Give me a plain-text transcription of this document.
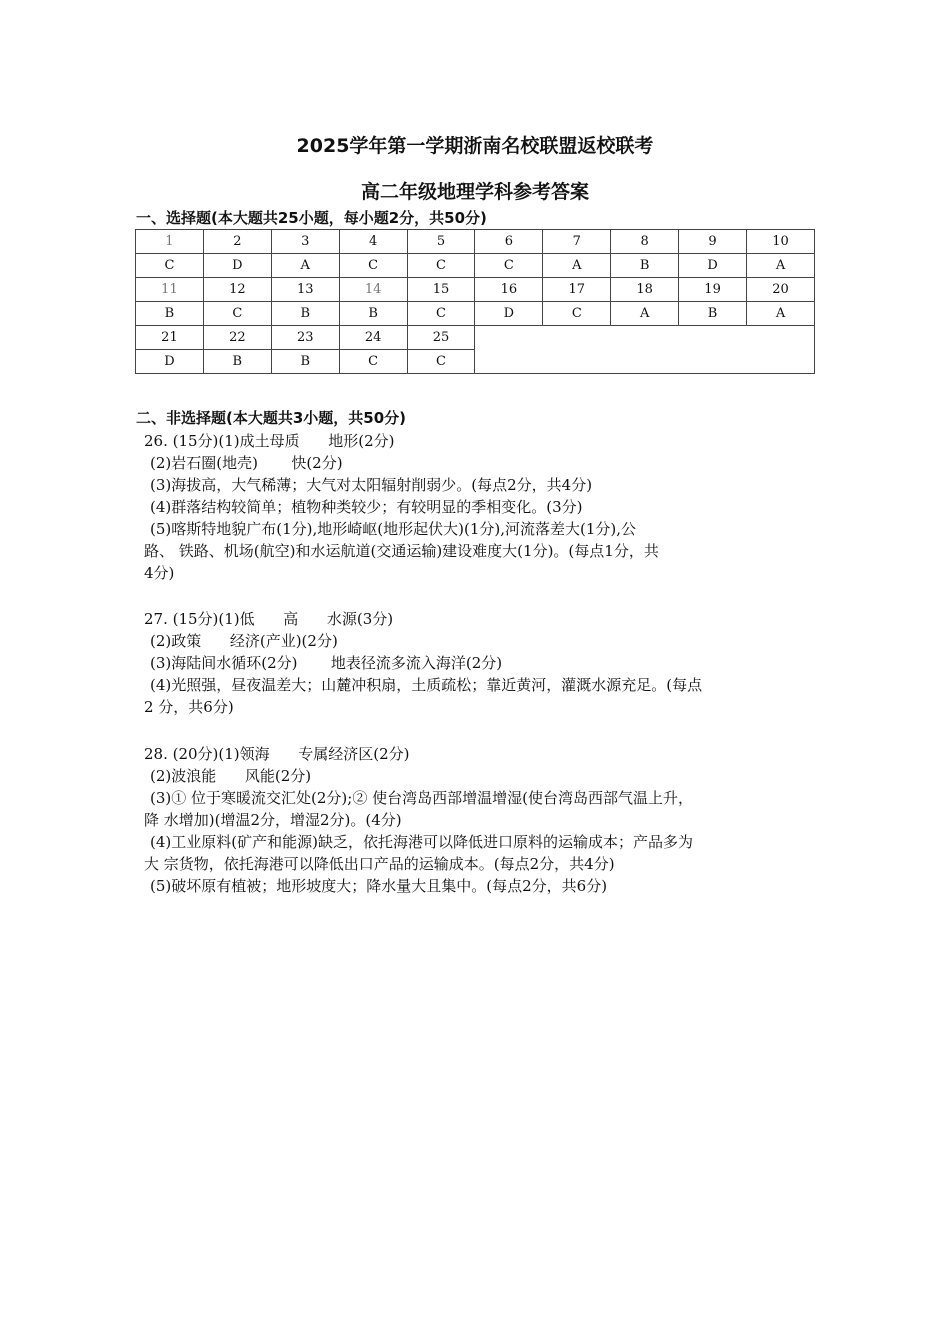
2025学年第一学期浙南名校联盟返校联考
高二年级地理学科参考答案
一、选择题(本大题共25小题，每小题2分，共50分)
1	2	3	4	5	6	7	8	9	10
C	D	A	C	C	C	A	B	D	A
11	12	13	14	15	16	17	18	19	20
B	C	B	B	C	D	C	A	B	A
21	22	23	24	25					
D	B	B	C	C					
二、非选择题(本大题共3小题，共50分)
26. (15分)(1)成土母质      地形(2分)
(2)岩石圈(地壳)       快(2分)
(3)海拔高，大气稀薄；大气对太阳辐射削弱少。(每点2分，共4分)
(4)群落结构较简单；植物种类较少；有较明显的季相变化。(3分)
(5)喀斯特地貌广布(1分),地形崎岖(地形起伏大)(1分),河流落差大(1分),公
路、 铁路、机场(航空)和水运航道(交通运输)建设难度大(1分)。(每点1分，共
4分)
27. (15分)(1)低      高      水源(3分)
(2)政策      经济(产业)(2分)
(3)海陆间水循环(2分)       地表径流多流入海洋(2分)
(4)光照强，昼夜温差大；山麓冲积扇，土质疏松；靠近黄河，灌溉水源充足。(每点
2 分，共6分)
28. (20分)(1)领海      专属经济区(2分)
(2)波浪能      风能(2分)
(3)① 位于寒暖流交汇处(2分);② 使台湾岛西部增温增湿(使台湾岛西部气温上升，
降 水增加)(增温2分，增湿2分)。(4分)
(4)工业原料(矿产和能源)缺乏，依托海港可以降低进口原料的运输成本；产品多为
大 宗货物，依托海港可以降低出口产品的运输成本。(每点2分，共4分)
(5)破坏原有植被；地形坡度大；降水量大且集中。(每点2分，共6分)
